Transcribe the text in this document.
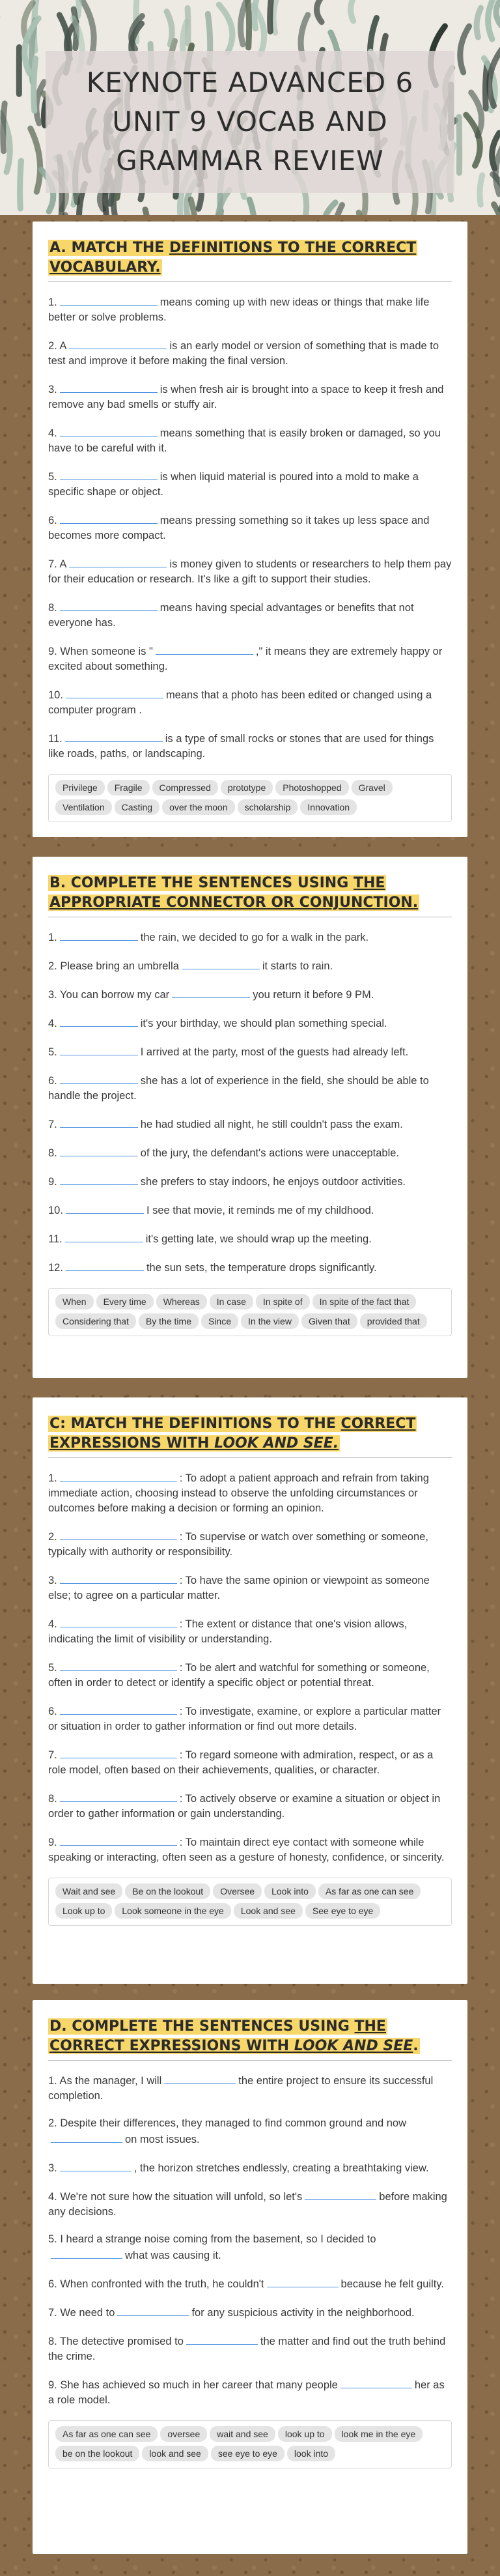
KEYNOTE ADVANCED 6
UNIT 9 VOCAB AND
GRAMMAR REVIEW
A. MATCH THE DEFINITIONS TO THE CORRECT VOCABULARY.
1.	means coming up with new ideas or things that make life better or solve problems.
2. A	is an early model or version of something that is made to test and improve it before making the final version.
3.	is when fresh air is brought into a space to keep it fresh and remove any bad smells or stuffy air.
4.	means something that is easily broken or damaged, so you have to be careful with it.
5.	is when liquid material is poured into a mold to make a specific shape or object.
6.	means pressing something so it takes up less space and becomes more compact.
7. A	is money given to students or researchers to help them pay for their education or research. It's like a gift to support their studies.
8.	means having special advantages or benefits that not everyone has.
9. When someone is "	," it means they are extremely happy or excited about something.
10.	means that a photo has been edited or changed using a computer program .
11.	is a type of small rocks or stones that are used for things like roads, paths, or landscaping.
Privilege Fragile Compressed prototype Photoshopped GravelVentilation Casting over the moon scholarship Innovation
B. COMPLETE THE SENTENCES USING THE APPROPRIATE CONNECTOR OR CONJUNCTION.
1.	the rain, we decided to go for a walk in the park.
2. Please bring an umbrella	it starts to rain.
3. You can borrow my car	you return it before 9 PM.
4.	it's your birthday, we should plan something special.
5.	I arrived at the party, most of the guests had already left.
6.	she has a lot of experience in the field, she should be able to handle the project.
7.	he had studied all night, he still couldn't pass the exam.
8.	of the jury, the defendant's actions were unacceptable.
9.	she prefers to stay indoors, he enjoys outdoor activities.
10.	I see that movie, it reminds me of my childhood.
11.	it's getting late, we should wrap up the meeting.
12.	the sun sets, the temperature drops significantly.
When Every time Whereas In case In spite of In spite of the fact thatConsidering that By the time Since In the view Given that provided that
C: MATCH THE DEFINITIONS TO THE CORRECT EXPRESSIONS WITH LOOK AND SEE.
1.	: To adopt a patient approach and refrain from taking immediate action, choosing instead to observe the unfolding circumstances or outcomes before making a decision or forming an opinion.
2.	: To supervise or watch over something or someone, typically with authority or responsibility.
3.	: To have the same opinion or viewpoint as someone else; to agree on a particular matter.
4.	: The extent or distance that one's vision allows, indicating the limit of visibility or understanding.
5.	: To be alert and watchful for something or someone, often in order to detect or identify a specific object or potential threat.
6.	: To investigate, examine, or explore a particular matter or situation in order to gather information or find out more details.
7.	: To regard someone with admiration, respect, or as a role model, often based on their achievements, qualities, or character.
8.	: To actively observe or examine a situation or object in order to gather information or gain understanding.
9.	: To maintain direct eye contact with someone while speaking or interacting, often seen as a gesture of honesty, confidence, or sincerity.
Wait and see Be on the lookout Oversee Look into As far as one can seeLook up to Look someone in the eye Look and see See eye to eye
D. COMPLETE THE SENTENCES USING THE CORRECT EXPRESSIONS WITH LOOK AND SEE.
1. As the manager, I will	the entire project to ensure its successful completion.
2. Despite their differences, they managed to find common ground and nowon most issues.
3.	, the horizon stretches endlessly, creating a breathtaking view.
4. We're not sure how the situation will unfold, so let's	before making any decisions.
5. I heard a strange noise coming from the basement, so I decided towhat was causing it.
6. When confronted with the truth, he couldn't	because he felt guilty.
7. We need to	for any suspicious activity in the neighborhood.
8. The detective promised to	the matter and find out the truth behind the crime.
9. She has achieved so much in her career that many people	her as a role model.
As far as one can see oversee wait and see look up to look me in the eyebe on the lookout look and see see eye to eye look into
